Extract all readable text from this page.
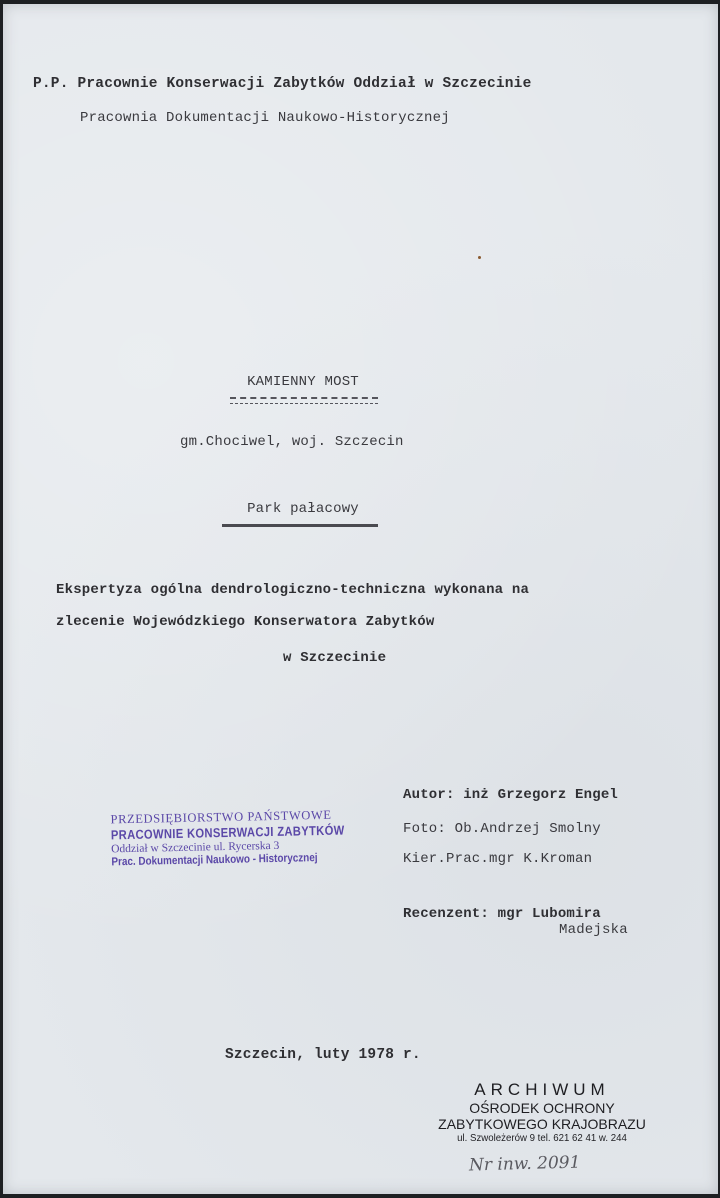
P.P. Pracownie Konserwacji Zabytków Oddział w Szczecinie
Pracownia Dokumentacji Naukowo-Historycznej
KAMIENNY MOST
gm.Chociwel, woj. Szczecin
Park pałacowy
Ekspertyza ogólna dendrologiczno-techniczna wykonana na
zlecenie Wojewódzkiego Konserwatora Zabytków
w Szczecinie
Autor: inż Grzegorz Engel
Foto: Ob.Andrzej Smolny
Kier.Prac.mgr K.Kroman
Recenzent: mgr Lubomira
Madejska
PRZEDSIĘBIORSTWO PAŃSTWOWE
PRACOWNIE KONSERWACJI ZABYTKÓW
Oddział w Szczecinie ul. Rycerska 3
Prac. Dokumentacji Naukowo - Historycznej
Szczecin, luty 1978 r.
ARCHIWUM
OŚRODEK OCHRONY
ZABYTKOWEGO KRAJOBRAZU
ul. Szwoleżerów 9 tel. 621 62 41 w. 244
Nr inw. 2091
